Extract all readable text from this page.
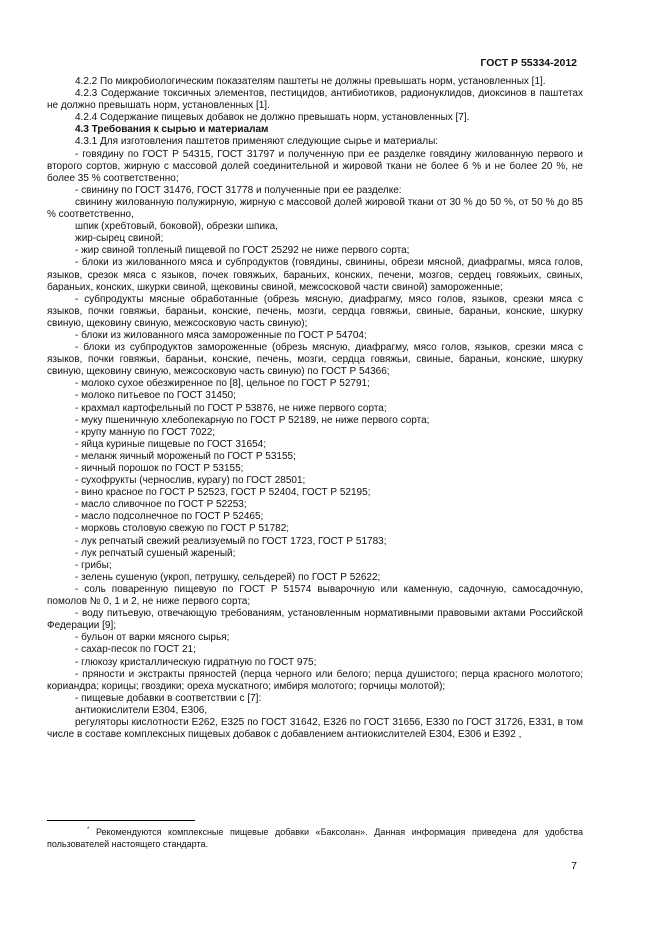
ГОСТ Р 55334-2012

4.2.2 По микробиологическим показателям паштеты не должны превышать норм, установленных [1].

4.2.3 Содержание токсичных элементов, пестицидов, антибиотиков, радионуклидов, диоксинов в паштетах не должно превышать норм, установленных [1].

4.2.4 Содержание пищевых добавок не должно превышать норм, установленных [7].

4.3 Требования к сырью и материалам

4.3.1 Для изготовления паштетов применяют следующие сырье и материалы:

- говядину по ГОСТ Р 54315, ГОСТ 31797 и полученную при ее разделке говядину жилованную первого и второго сортов, жирную с массовой долей соединительной и жировой ткани не более 6 % и не более 20 %, не более 35 % соответственно;

- свинину по ГОСТ 31476, ГОСТ 31778 и полученные при ее разделке:

свинину жилованную полужирную, жирную с массовой долей жировой ткани от 30 % до 50 %, от 50 % до 85 % соответственно,

шпик (хребтовый, боковой), обрезки шпика,

жир-сырец свиной;

- жир свиной топленый пищевой по ГОСТ 25292 не ниже первого сорта;

- блоки из жилованного мяса и субпродуктов (говядины, свинины, обрези мясной, диафрагмы, мяса голов, языков, срезок мяса с языков, почек говяжьих, бараньих, конских, печени, мозгов, сердец говяжьих, свиных, бараньих, конских, шкурки свиной, щековины свиной, межсосковой части свиной) замороженные;

- субпродукты мясные обработанные (обрезь мясную, диафрагму, мясо голов, языков, срезки мяса с языков, почки говяжьи, бараньи, конские, печень, мозги, сердца говяжьи, свиные, бараньи, конские, шкурку свиную, щековину свиную, межсосковую часть свиную);

- блоки из жилованного мяса замороженные по ГОСТ Р 54704;

- блоки из субпродуктов замороженные (обрезь мясную, диафрагму, мясо голов, языков, срезки мяса с языков, почки говяжьи, бараньи, конские, печень, мозги, сердца говяжьи, свиные, бараньи, конские, шкурку свиную, щековину свиную, межсосковую часть свиную) по ГОСТ Р 54366;

- молоко сухое обезжиренное по [8], цельное по ГОСТ Р 52791;

- молоко питьевое по ГОСТ 31450;

- крахмал картофельный по ГОСТ Р 53876, не ниже первого сорта;

- муку пшеничную хлебопекарную по ГОСТ Р 52189, не ниже первого сорта;

- крупу манную по ГОСТ 7022;

- яйца куриные пищевые по ГОСТ 31654;

- меланж яичный мороженый по ГОСТ Р 53155;

- яичный порошок по ГОСТ Р 53155;

- сухофрукты (чернослив, курагу) по ГОСТ 28501;

- вино красное по ГОСТ Р 52523, ГОСТ Р 52404, ГОСТ Р 52195;

- масло сливочное по ГОСТ Р 52253;

- масло подсолнечное по ГОСТ Р 52465;

- морковь столовую свежую по ГОСТ Р 51782;

- лук репчатый свежий реализуемый по ГОСТ 1723, ГОСТ Р 51783;

- лук репчатый сушеный жареный;

- грибы;

- зелень сушеную (укроп, петрушку, сельдерей) по ГОСТ Р 52622;

- соль поваренную пищевую по ГОСТ Р 51574 выварочную или каменную, садочную, самосадочную, помолов № 0, 1 и 2, не ниже первого сорта;

- воду питьевую, отвечающую требованиям, установленным нормативными правовыми актами Российской Федерации [9];

- бульон от варки мясного сырья;

- сахар-песок по ГОСТ 21;

- глюкозу кристаллическую гидратную по ГОСТ 975;

- пряности и экстракты пряностей (перца черного или белого; перца душистого; перца красного молотого; кориандра; корицы; гвоздики; ореха мускатного; имбиря молотого; горчицы молотой);

- пищевые добавки в соответствии с [7]:

антиокислители Е304, Е306,

регуляторы кислотности Е262, Е325 по ГОСТ 31642, Е326 по ГОСТ 31656, Е330 по ГОСТ 31726, Е331, в том числе в составе комплексных пищевых добавок с добавлением антиокислителей Е304, Е306 и Е392 ,

* Рекомендуются комплексные пищевые добавки «Баксолан». Данная информация приведена для удобства пользователей настоящего стандарта.

7
